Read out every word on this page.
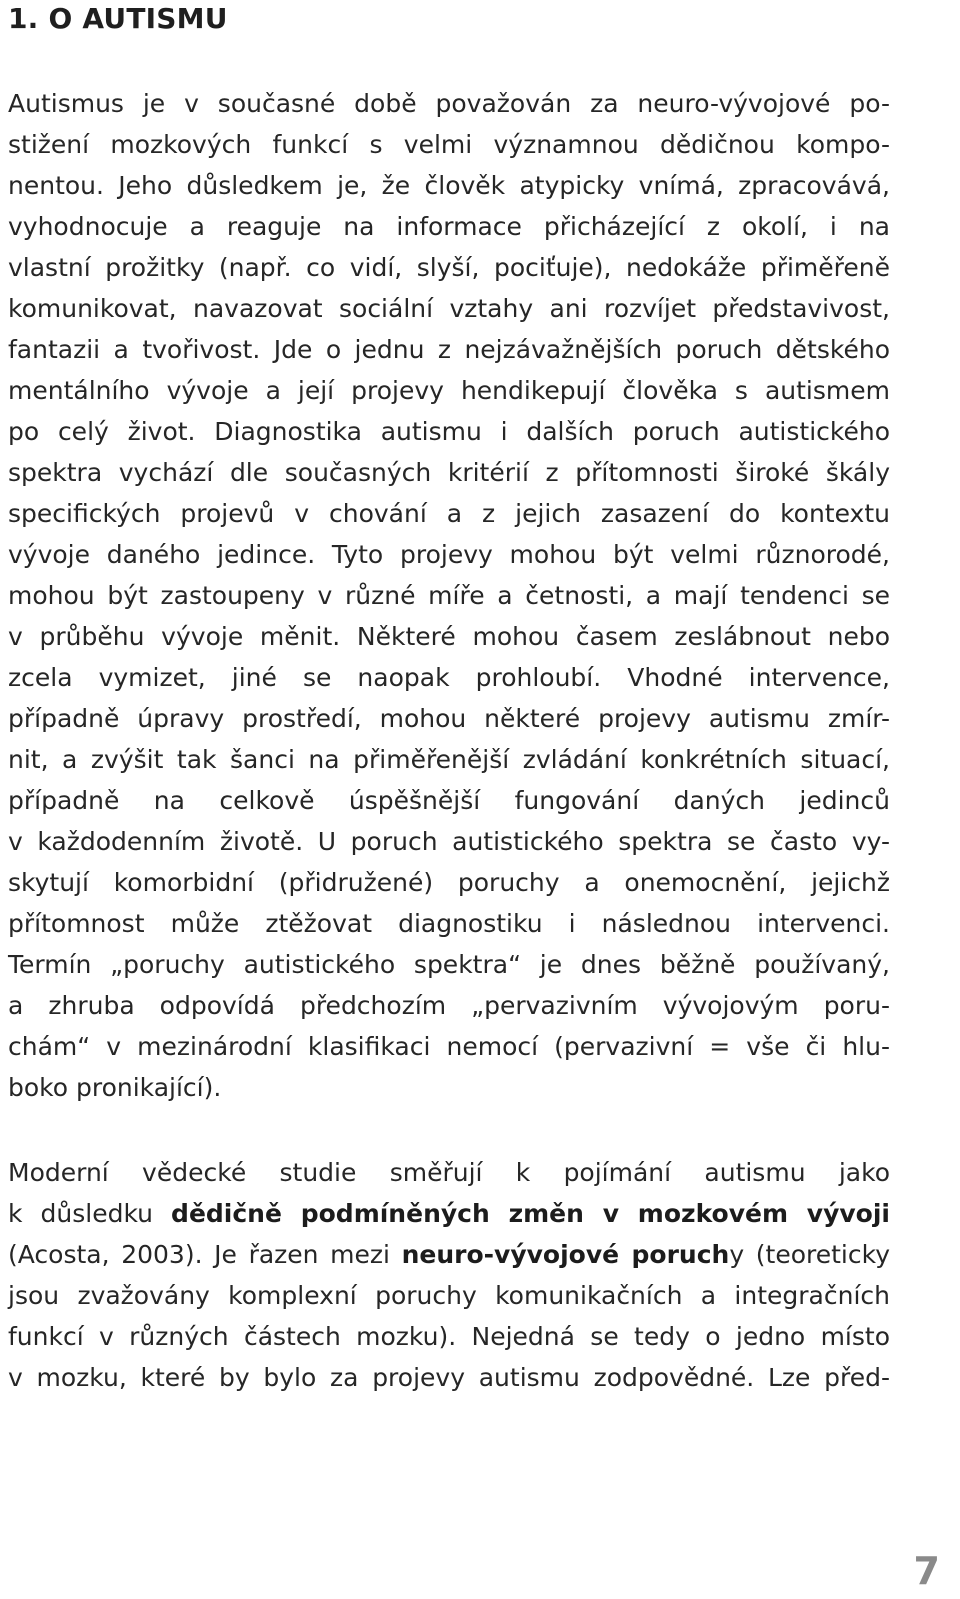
1. O AUTISMU
Autismus je v současné době považován za neuro-vývojové po-
stižení mozkových funkcí s velmi významnou dědičnou kompo-
nentou. Jeho důsledkem je, že člověk atypicky vnímá, zpracovává,
vyhodnocuje a reaguje na informace přicházející z okolí, i na
vlastní prožitky (např. co vidí, slyší, pociťuje), nedokáže přiměřeně
komunikovat, navazovat sociální vztahy ani rozvíjet představivost,
fantazii a tvořivost. Jde o jednu z nejzávažnějších poruch dětského
mentálního vývoje a její projevy hendikepují člověka s autismem
po celý život. Diagnostika autismu i dalších poruch autistického
spektra vychází dle současných kritérií z přítomnosti široké škály
specifických projevů v chování a z jejich zasazení do kontextu
vývoje daného jedince. Tyto projevy mohou být velmi různorodé,
mohou být zastoupeny v různé míře a četnosti, a mají tendenci se
v průběhu vývoje měnit. Některé mohou časem zeslábnout nebo
zcela vymizet, jiné se naopak prohloubí. Vhodné intervence,
případně úpravy prostředí, mohou některé projevy autismu zmír-
nit, a zvýšit tak šanci na přiměřenější zvládání konkrétních situací,
případně na celkově úspěšnější fungování daných jedinců
v každodenním životě. U poruch autistického spektra se často vy-
skytují komorbidní (přidružené) poruchy a onemocnění, jejichž
přítomnost může ztěžovat diagnostiku i následnou intervenci.
Termín „poruchy autistického spektra“ je dnes běžně používaný,
a zhruba odpovídá předchozím „pervazivním vývojovým poru-
chám“ v mezinárodní klasifikaci nemocí (pervazivní = vše či hlu-
boko pronikající).
Moderní vědecké studie směřují k pojímání autismu jako
k důsledku dědičně podmíněných změn v mozkovém vývoji
(Acosta, 2003). Je řazen mezi neuro-vývojové poruchy (teoreticky
jsou zvažovány komplexní poruchy komunikačních a integračních
funkcí v různých částech mozku). Nejedná se tedy o jedno místo
v mozku, které by bylo za projevy autismu zodpovědné. Lze před-
7
